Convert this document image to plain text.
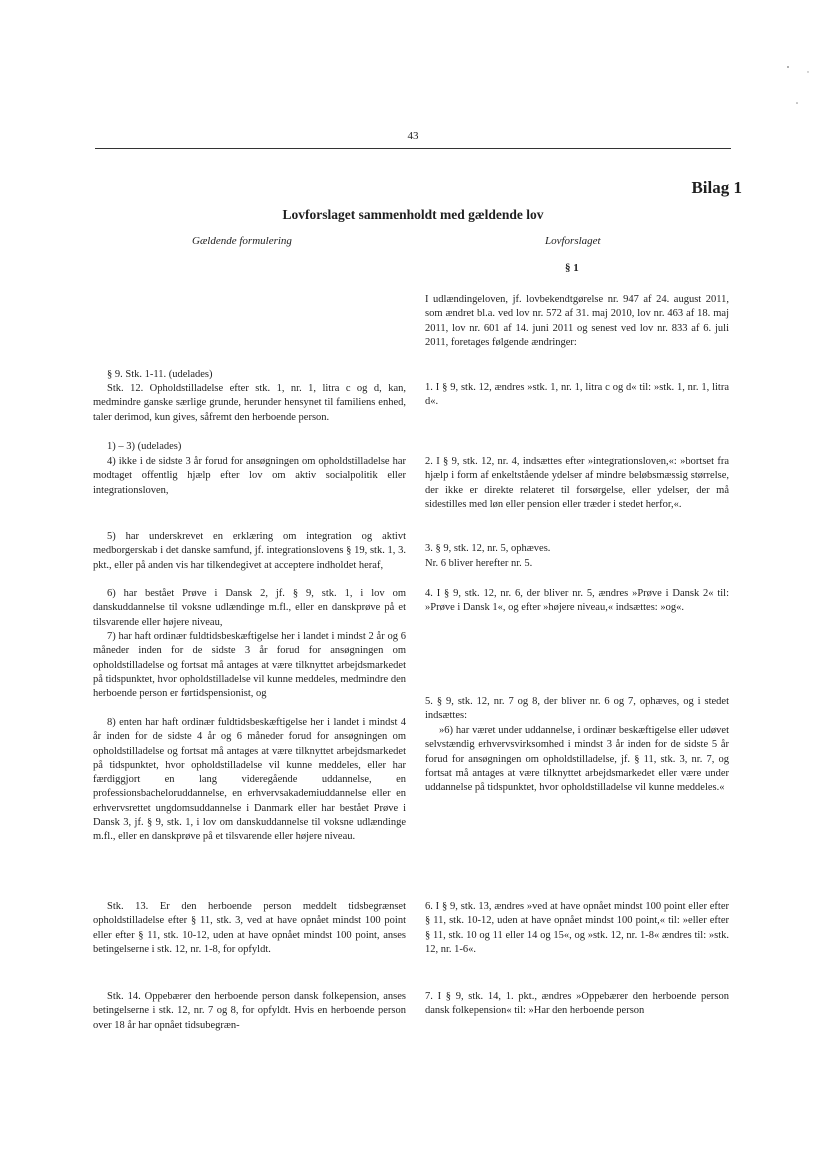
43
Bilag 1
Lovforslaget sammenholdt med gældende lov
Gældende formulering	Lovforslaget
§ 1

§ 9. Stk. 1-11. (udelades)

Stk. 12. Opholdstilladelse efter stk. 1, nr. 1, litra c og d, kan, medmindre ganske særlige grunde, herunder hensynet til familiens enhed, taler derimod, kun gives, såfremt den herboende person.

1) – 3) (udelades)

4) ikke i de sidste 3 år forud for ansøgningen om opholdstilladelse har modtaget offentlig hjælp efter lov om aktiv socialpolitik eller integrationsloven,

5) har underskrevet en erklæring om integration og aktivt medborgerskab i det danske samfund, jf. integrationslovens § 19, stk. 1, 3. pkt., eller på anden vis har tilkendegivet at acceptere indholdet heraf,

6) har bestået Prøve i Dansk 2, jf. § 9, stk. 1, i lov om danskuddannelse til voksne udlændinge m.fl., eller en danskprøve på et tilsvarende eller højere niveau,

7) har haft ordinær fuldtidsbeskæftigelse her i landet i mindst 2 år og 6 måneder inden for de sidste 3 år forud for ansøgningen om opholdstilladelse og fortsat må antages at være tilknyttet arbejdsmarkedet på tidspunktet, hvor opholdstilladelse vil kunne meddeles, medmindre den herboende person er førtidspensionist, og

8) enten har haft ordinær fuldtidsbeskæftigelse her i landet i mindst 4 år inden for de sidste 4 år og 6 måneder forud for ansøgningen om opholdstilladelse og fortsat må antages at være tilknyttet arbejdsmarkedet på tidspunktet, hvor opholdstilladelse vil kunne meddeles, eller har færdiggjort en lang videregående uddannelse, en professionsbacheloruddannelse, en erhvervsakademiuddannelse eller en erhvervsrettet ungdomsuddannelse i Danmark eller har bestået Prøve i Dansk 3, jf. § 9, stk. 1, i lov om danskuddannelse til voksne udlændinge m.fl., eller en danskprøve på et tilsvarende eller højere niveau.

Stk. 13. Er den herboende person meddelt tidsbegrænset opholdstilladelse efter § 11, stk. 3, ved at have opnået mindst 100 point eller efter § 11, stk. 10-12, uden at have opnået mindst 100 point, anses betingelserne i stk. 12, nr. 1-8, for opfyldt.

Stk. 14. Oppebærer den herboende person dansk folkepension, anses betingelserne i stk. 12, nr. 7 og 8, for opfyldt. Hvis en herboende person over 18 år har opnået tidsubegræn-

I udlændingeloven, jf. lovbekendtgørelse nr. 947 af 24. august 2011, som ændret bl.a. ved lov nr. 572 af 31. maj 2010, lov nr. 463 af 18. maj 2011, lov nr. 601 af 14. juni 2011 og senest ved lov nr. 833 af 6. juli 2011, foretages følgende ændringer:

1. I § 9, stk. 12, ændres »stk. 1, nr. 1, litra c og d« til: »stk. 1, nr. 1, litra d«.

2. I § 9, stk. 12, nr. 4, indsættes efter »integrationsloven,«: »bortset fra hjælp i form af enkeltstående ydelser af mindre beløbsmæssig størrelse, der ikke er direkte relateret til forsørgelse, eller ydelser, der må sidestilles med løn eller pension eller træder i stedet herfor,«.

3. § 9, stk. 12, nr. 5, ophæves.

Nr. 6 bliver herefter nr. 5.

4. I § 9, stk. 12, nr. 6, der bliver nr. 5, ændres »Prøve i Dansk 2« til: »Prøve i Dansk 1«, og efter »højere niveau,« indsættes: »og«.

5. § 9, stk. 12, nr. 7 og 8, der bliver nr. 6 og 7, ophæves, og i stedet indsættes:

»6) har været under uddannelse, i ordinær beskæftigelse eller udøvet selvstændig erhvervsvirksomhed i mindst 3 år inden for de sidste 5 år forud for ansøgningen om opholdstilladelse, jf. § 11, stk. 3, nr. 7, og fortsat må antages at være tilknyttet arbejdsmarkedet eller være under uddannelse på tidspunktet, hvor opholdstilladelse vil kunne meddeles.«

6. I § 9, stk. 13, ændres »ved at have opnået mindst 100 point eller efter § 11, stk. 10-12, uden at have opnået mindst 100 point,« til: »eller efter § 11, stk. 10 og 11 eller 14 og 15«, og »stk. 12, nr. 1-8« ændres til: »stk. 12, nr. 1-6«.

7. I § 9, stk. 14, 1. pkt., ændres »Oppebærer den herboende person dansk folkepension« til: »Har den herboende person
